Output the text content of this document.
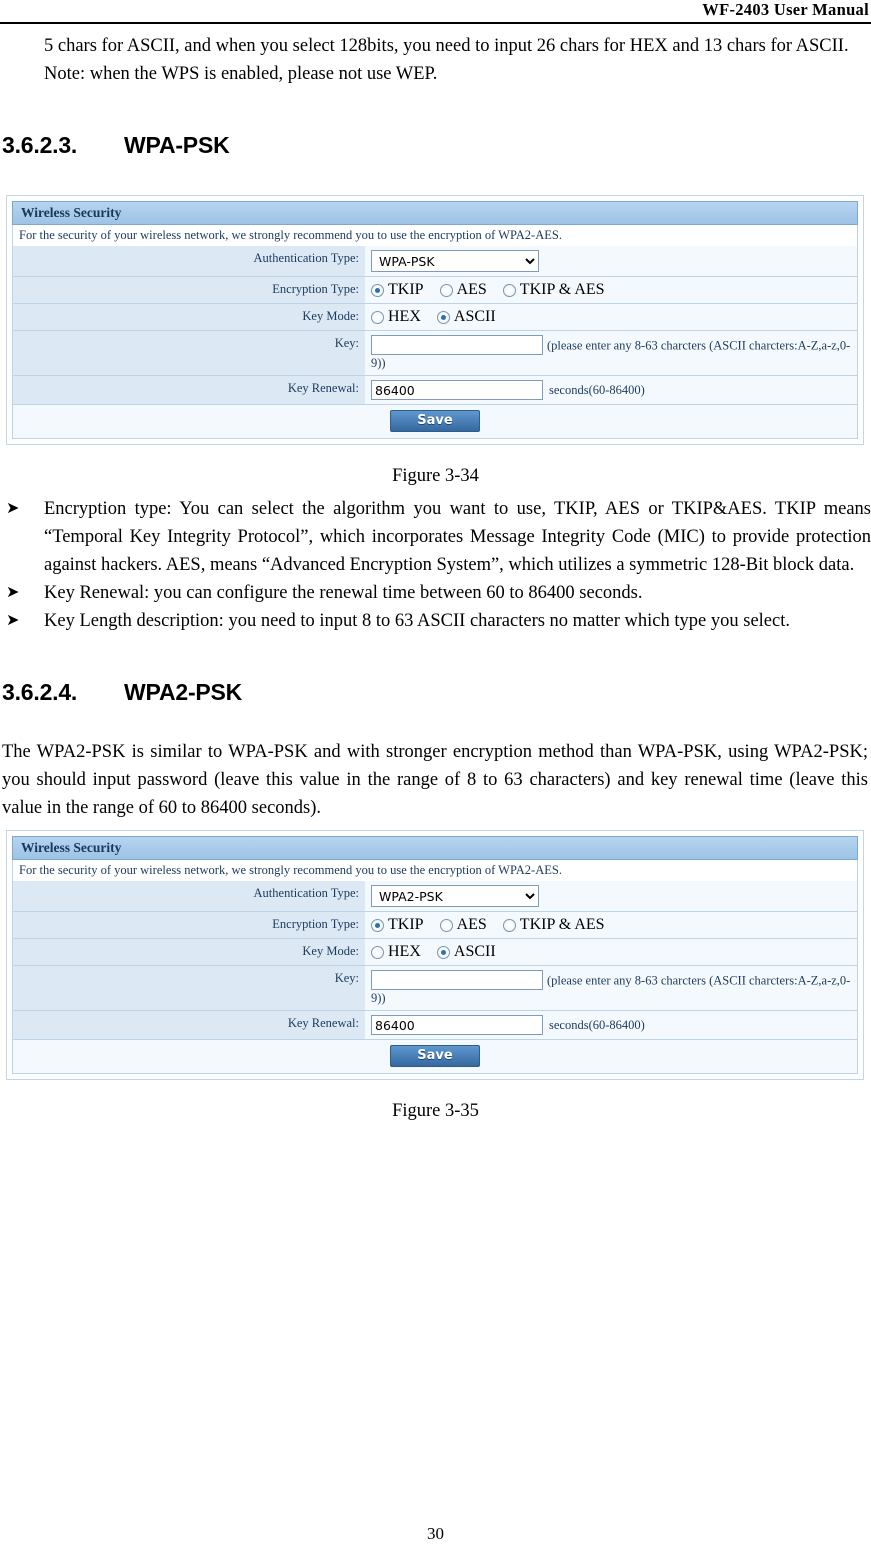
WF-2403 User Manual

5 chars for ASCII, and when you select 128bits, you need to input 26 chars for HEX and 13 chars for ASCII.

Note: when the WPS is enabled, please not use WEP.

3.6.2.3. WPA-PSK
Wireless Security
For the security of your wireless network, we strongly recommend you to use the encryption of WPA2-AES.
Authentication Type:
WPA-PSK
Encryption Type:	TKIP AES TKIP & AES
Key Mode:	HEX ASCII
Key:	(please enter any 8-63 charcters (ASCII charcters:A-Z,a-z,0-9))
Key Renewal:
86400	seconds(60-86400)
Save
Figure 3-34
➤ Encryption type: You can select the algorithm you want to use, TKIP, AES or TKIP&AES. TKIP means “Temporal Key Integrity Protocol”, which incorporates Message Integrity Code (MIC) to provide protection against hackers. AES, means “Advanced Encryption System”, which utilizes a symmetric 128-Bit block data.
➤ Key Renewal: you can configure the renewal time between 60 to 86400 seconds.
➤ Key Length description: you need to input 8 to 63 ASCII characters no matter which type you select.
3.6.2.4. WPA2-PSK

The WPA2-PSK is similar to WPA-PSK and with stronger encryption method than WPA-PSK, using WPA2-PSK; you should input password (leave this value in the range of 8 to 63 characters) and key renewal time (leave this value in the range of 60 to 86400 seconds).

Wireless Security
For the security of your wireless network, we strongly recommend you to use the encryption of WPA2-AES.
Authentication Type:
WPA2-PSK
Encryption Type:	TKIP AES TKIP & AES
Key Mode:	HEX ASCII
Key:	(please enter any 8-63 charcters (ASCII charcters:A-Z,a-z,0-9))
Key Renewal:
86400	seconds(60-86400)
Save
Figure 3-35
30
